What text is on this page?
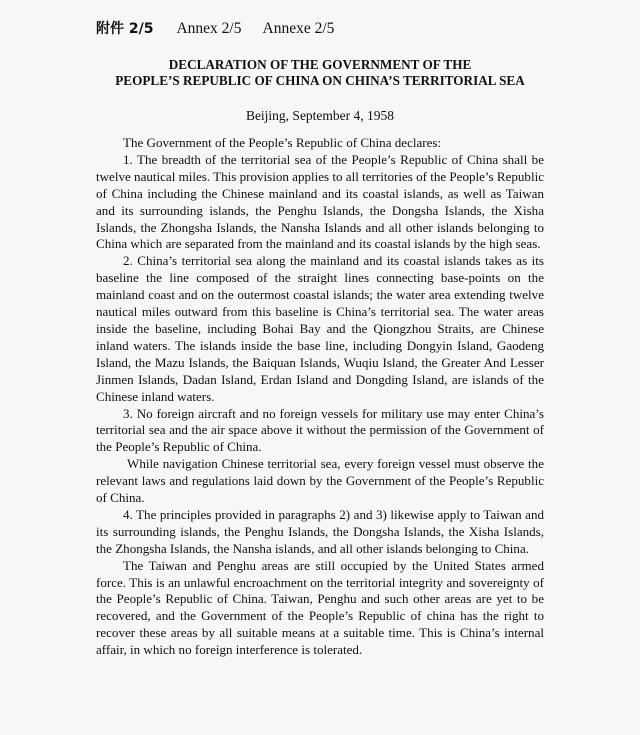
附件 2/5 Annex 2/5 Annexe 2/5
DECLARATION OF THE GOVERNMENT OF THE
PEOPLE’S REPUBLIC OF CHINA ON CHINA’S TERRITORIAL SEA
Beijing, September 4, 1958

The Government of the People’s Republic of China declares:

1. The breadth of the territorial sea of the People’s Republic of China shall be twelve nautical miles. This provision applies to all territories of the People’s Republic of China including the Chinese mainland and its coastal islands, as well as Taiwan and its surrounding islands, the Penghu Islands, the Dongsha Islands, the Xisha Islands, the Zhongsha Islands, the Nansha Islands and all other islands belonging to China which are separated from the mainland and its coastal islands by the high seas.

2. China’s territorial sea along the mainland and its coastal islands takes as its baseline the line composed of the straight lines connecting base-points on the mainland coast and on the outermost coastal islands; the water area extending twelve nautical miles outward from this baseline is China’s territorial sea. The water areas inside the baseline, including Bohai Bay and the Qiongzhou Straits, are Chinese inland waters. The islands inside the base line, including Dongyin Island, Gaodeng Island, the Mazu Islands, the Baiquan Islands, Wuqiu Island, the Greater And Lesser Jinmen Islands, Dadan Island, Erdan Island and Dongding Island, are islands of the Chinese inland waters.

3. No foreign aircraft and no foreign vessels for military use may enter China’s territorial sea and the air space above it without the permission of the Government of the People’s Republic of China.

While navigation Chinese territorial sea, every foreign vessel must observe the relevant laws and regulations laid down by the Government of the People’s Republic of China.

4. The principles provided in paragraphs 2) and 3) likewise apply to Taiwan and its surrounding islands, the Penghu Islands, the Dongsha Islands, the Xisha Islands, the Zhongsha Islands, the Nansha islands, and all other islands belonging to China.

The Taiwan and Penghu areas are still occupied by the United States armed force. This is an unlawful encroachment on the territorial integrity and sovereignty of the People’s Republic of China. Taiwan, Penghu and such other areas are yet to be recovered, and the Government of the People’s Republic of china has the right to recover these areas by all suitable means at a suitable time. This is China’s internal affair, in which no foreign interference is tolerated.
